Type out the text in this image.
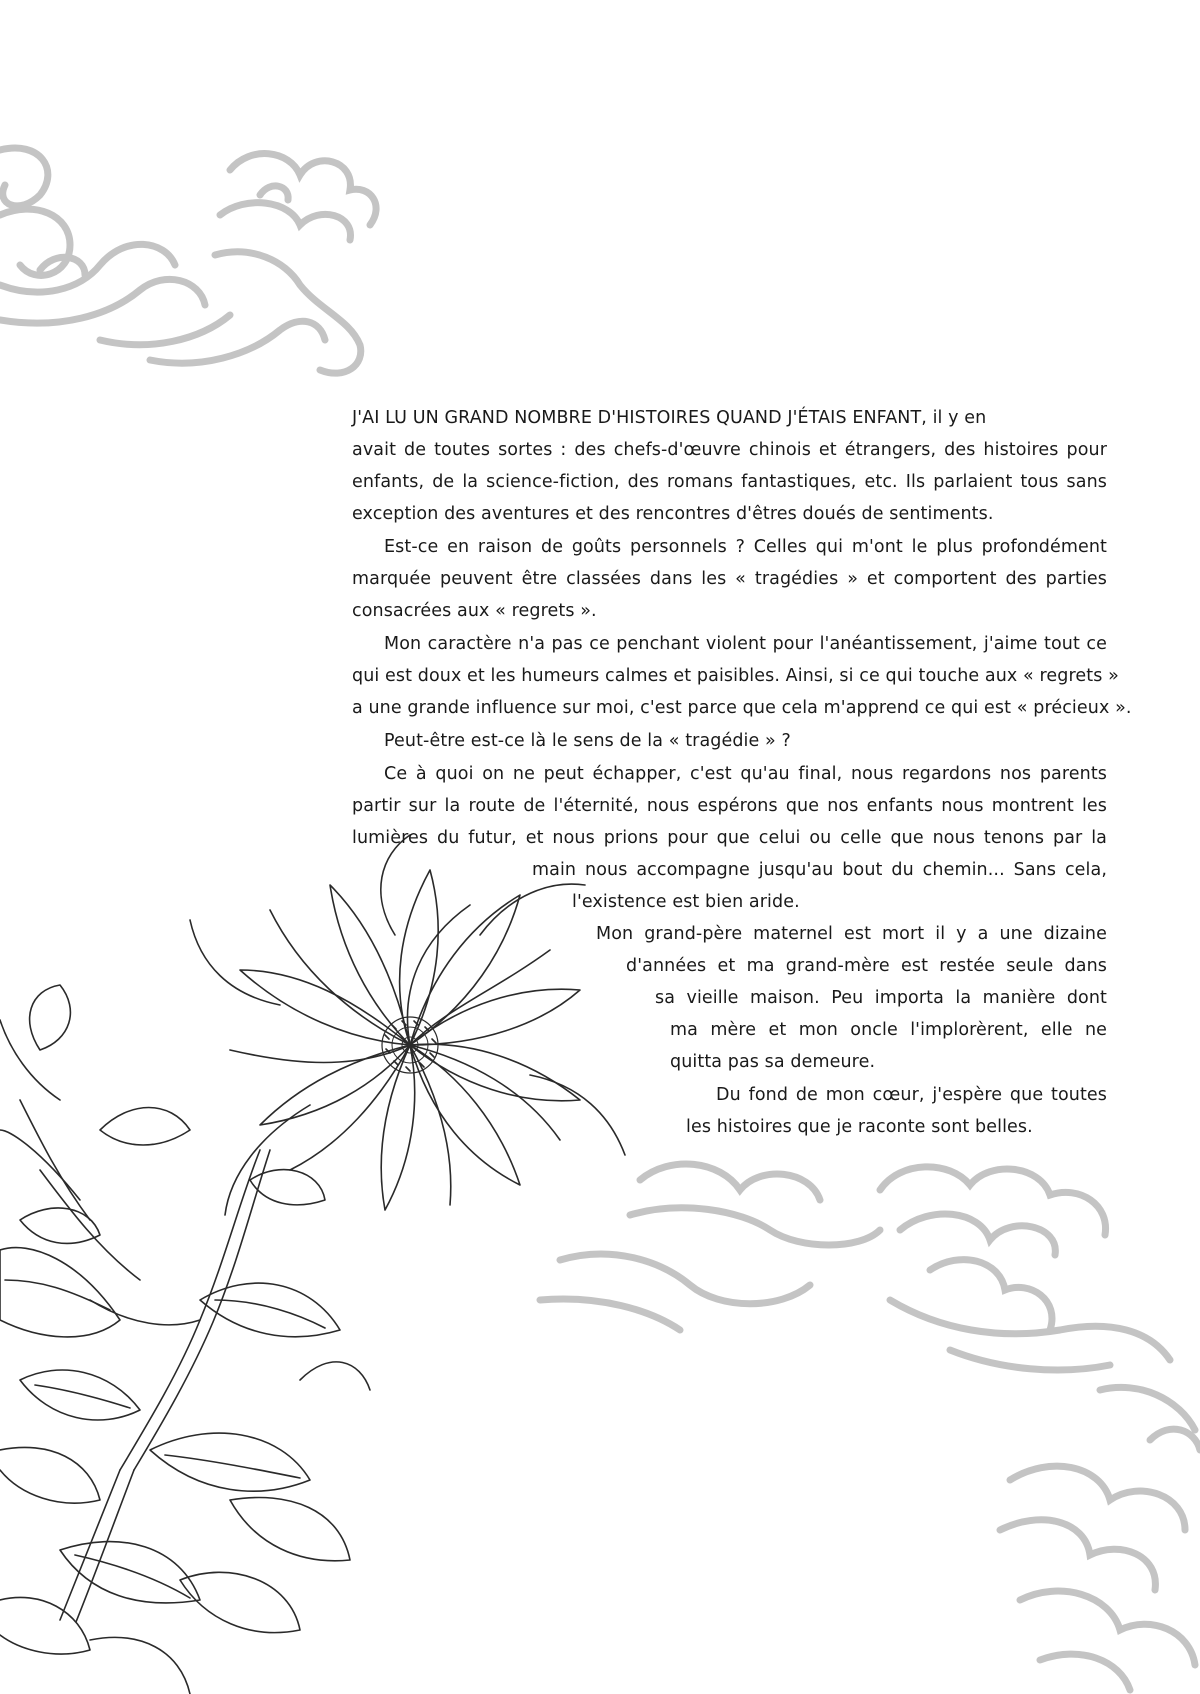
J'AI LU UN GRAND NOMBRE D'HISTOIRES QUAND J'ÉTAIS ENFANT, il y en
avait de toutes sortes : des chefs-d'œuvre chinois et étrangers, des histoires pour
enfants, de la science-fiction, des romans fantastiques, etc. Ils parlaient tous sans
exception des aventures et des rencontres d'êtres doués de sentiments.
Est-ce en raison de goûts personnels ? Celles qui m'ont le plus profondément
marquée peuvent être classées dans les « tragédies » et comportent des parties
consacrées aux « regrets ».
Mon caractère n'a pas ce penchant violent pour l'anéantissement, j'aime tout ce
qui est doux et les humeurs calmes et paisibles. Ainsi, si ce qui touche aux « regrets »
a une grande influence sur moi, c'est parce que cela m'apprend ce qui est « précieux ».
Peut-être est-ce là le sens de la « tragédie » ?
Ce à quoi on ne peut échapper, c'est qu'au final, nous regardons nos parents
partir sur la route de l'éternité, nous espérons que nos enfants nous montrent les
lumières du futur, et nous prions pour que celui ou celle que nous tenons par la
main nous accompagne jusqu'au bout du chemin... Sans cela,
l'existence est bien aride.
Mon grand-père maternel est mort il y a une dizaine
d'années et ma grand-mère est restée seule dans
sa vieille maison. Peu importa la manière dont
ma mère et mon oncle l'implorèrent, elle ne
quitta pas sa demeure.
Du fond de mon cœur, j'espère que toutes
les histoires que je raconte sont belles.
